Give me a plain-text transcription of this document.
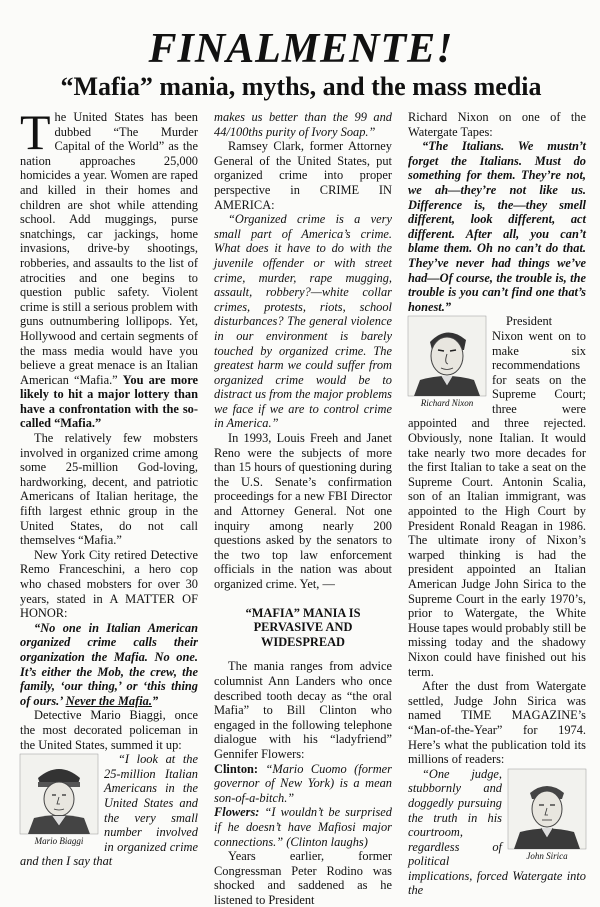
FINALMENTE!
“Mafia” mania, myths, and the mass media

The United States has been dubbed “The Murder Capital of the World” as the nation approaches 25,000 homicides a year. Women are raped and killed in their homes and children are shot while attending school. Add muggings, purse snatchings, car jackings, home invasions, drive-by shootings, robberies, and assaults to the list of atrocities and one begins to question public safety. Violent crime is still a serious problem with guns outnumbering lollipops. Yet, Hollywood and certain segments of the mass media would have you believe a great menace is an Italian American “Mafia.” You are more likely to hit a major lottery than have a confrontation with the so-called “Mafia.”

The relatively few mobsters involved in organized crime among some 25-million God-loving, hardworking, decent, and patriotic Americans of Italian heritage, the fifth largest ethnic group in the United States, do not call themselves “Mafia.”

New York City retired Detective Remo Franceschini, a hero cop who chased mobsters for over 30 years, stated in A MATTER OF HONOR:

“No one in Italian American organized crime calls their organization the Mafia. No one. It’s either the Mob, the crew, the family, ‘our thing,’ or ‘this thing of ours.’ Never the Mafia.”

Detective Mario Biaggi, once the most decorated policeman in the United States, summed it up:

Mario Biaggi

“I look at the 25-million Italian Americans in the United States and the very small number involved in organized crime and then I say that

makes us better than the 99 and 44/100ths purity of Ivory Soap.”

Ramsey Clark, former Attorney General of the United States, put organized crime into proper perspective in CRIME IN AMERICA:

“Organized crime is a very small part of America’s crime. What does it have to do with the juvenile offender or with street crime, murder, rape mugging, assault, robbery?—white collar crimes, protests, riots, school disturbances? The general violence in our environment is barely touched by organized crime. The greatest harm we could suffer from organized crime would be to distract us from the major problems we face if we are to control crime in America.”

In 1993, Louis Freeh and Janet Reno were the subjects of more than 15 hours of questioning during the U.S. Senate’s confirmation proceedings for a new FBI Director and Attorney General. Not one inquiry among nearly 200 questions asked by the senators to the two top law enforcement officials in the nation was about organized crime. Yet, —

“MAFIA” MANIA IS PERVASIVE AND WIDESPREAD

The mania ranges from advice columnist Ann Landers who once described tooth decay as “the oral Mafia” to Bill Clinton who engaged in the following telephone dialogue with his “ladyfriend” Gennifer Flowers:

Clinton: “Mario Cuomo (former governor of New York) is a mean son-of-a-bitch.”

Flowers: “I wouldn’t be surprised if he doesn’t have Mafiosi major connections.” (Clinton laughs)

Years earlier, former Congressman Peter Rodino was shocked and saddened as he listened to President

Richard Nixon on one of the Watergate Tapes:

“The Italians. We mustn’t forget the Italians. Must do something for them. They’re not, we ah—they’re not like us. Difference is, the—they smell different, look different, act different. After all, you can’t blame them. Oh no can’t do that. They’ve never had things we’ve had—Of course, the trouble is, the trouble is you can’t find one that’s honest.”

Richard Nixon

President Nixon went on to make six recommendations for seats on the Supreme Court; three were appointed and three rejected. Obviously, none Italian. It would take nearly two more decades for the first Italian to take a seat on the Supreme Court. Antonin Scalia, son of an Italian immigrant, was appointed to the High Court by President Ronald Reagan in 1986. The ultimate irony of Nixon’s warped thinking is had the president appointed an Italian American Judge John Sirica to the Supreme Court in the early 1970’s, prior to Watergate, the White House tapes would probably still be missing today and the shadowy Nixon could have finished out his term.

After the dust from Watergate settled, Judge John Sirica was named TIME MAGAZINE’s “Man-of-the-Year” for 1974. Here’s what the publication told its millions of readers:

John Sirica

“One judge, stubbornly and doggedly pursuing the truth in his courtroom, regardless of political implications, forced Watergate into the
